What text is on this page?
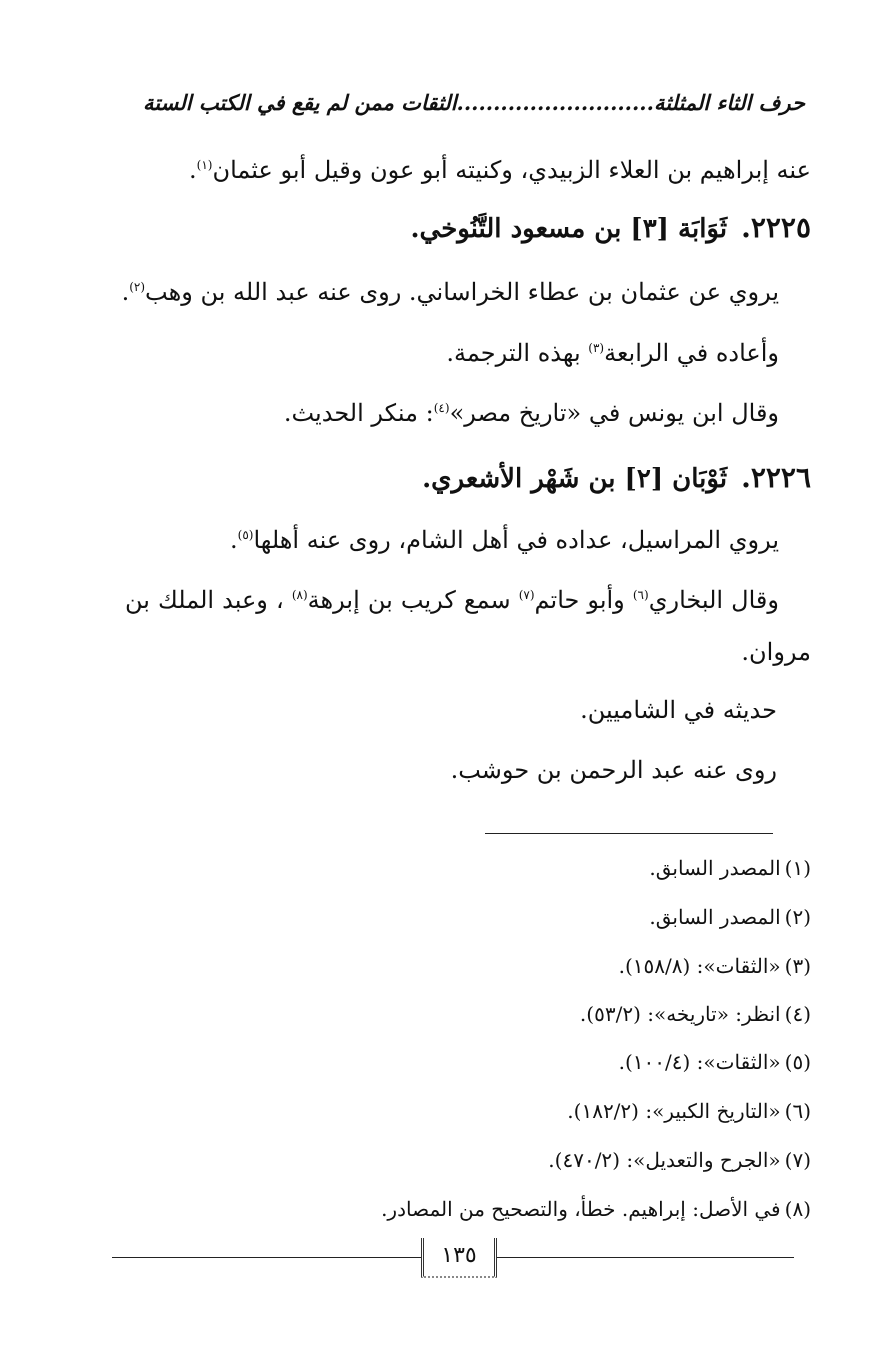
حرف الثاء المثلثة...........................الثقات ممن لم يقع في الكتب الستة
عنه إبراهيم بن العلاء الزبيدي، وكنيته أبو عون وقيل أبو عثمان$^{(١)}$.
٢٢٢٥.ثَوَابَة [٣] بن مسعود التَّنُوخي.
يروي عن عثمان بن عطاء الخراساني. روى عنه عبد الله بن وهب$^{(٢)}$.
وأعاده في الرابعة$^{(٣)}$ بهذه الترجمة.
وقال ابن يونس في «تاريخ مصر»$^{(٤)}$: منكر الحديث.
٢٢٢٦.ثَوْبَان [٢] بن شَهْر الأشعري.
يروي المراسيل، عداده في أهل الشام، روى عنه أهلها$^{(٥)}$.
وقال البخاري$^{(٦)}$ وأبو حاتم$^{(٧)}$ سمع كريب بن إبرهة$^{(٨)}$ ، وعبد الملك بن
مروان.
حديثه في الشاميين.
روى عنه عبد الرحمن بن حوشب.
(١)المصدر السابق.
(٢)المصدر السابق.
(٣)«الثقات»: (١٥٨/٨).
(٤)انظر: «تاريخه»: (٥٣/٢).
(٥)«الثقات»: (١٠٠/٤).
(٦)«التاريخ الكبير»: (١٨٢/٢).
(٧)«الجرح والتعديل»: (٤٧٠/٢).
(٨)في الأصل: إبراهيم. خطأ، والتصحيح من المصادر.
١٣٥
